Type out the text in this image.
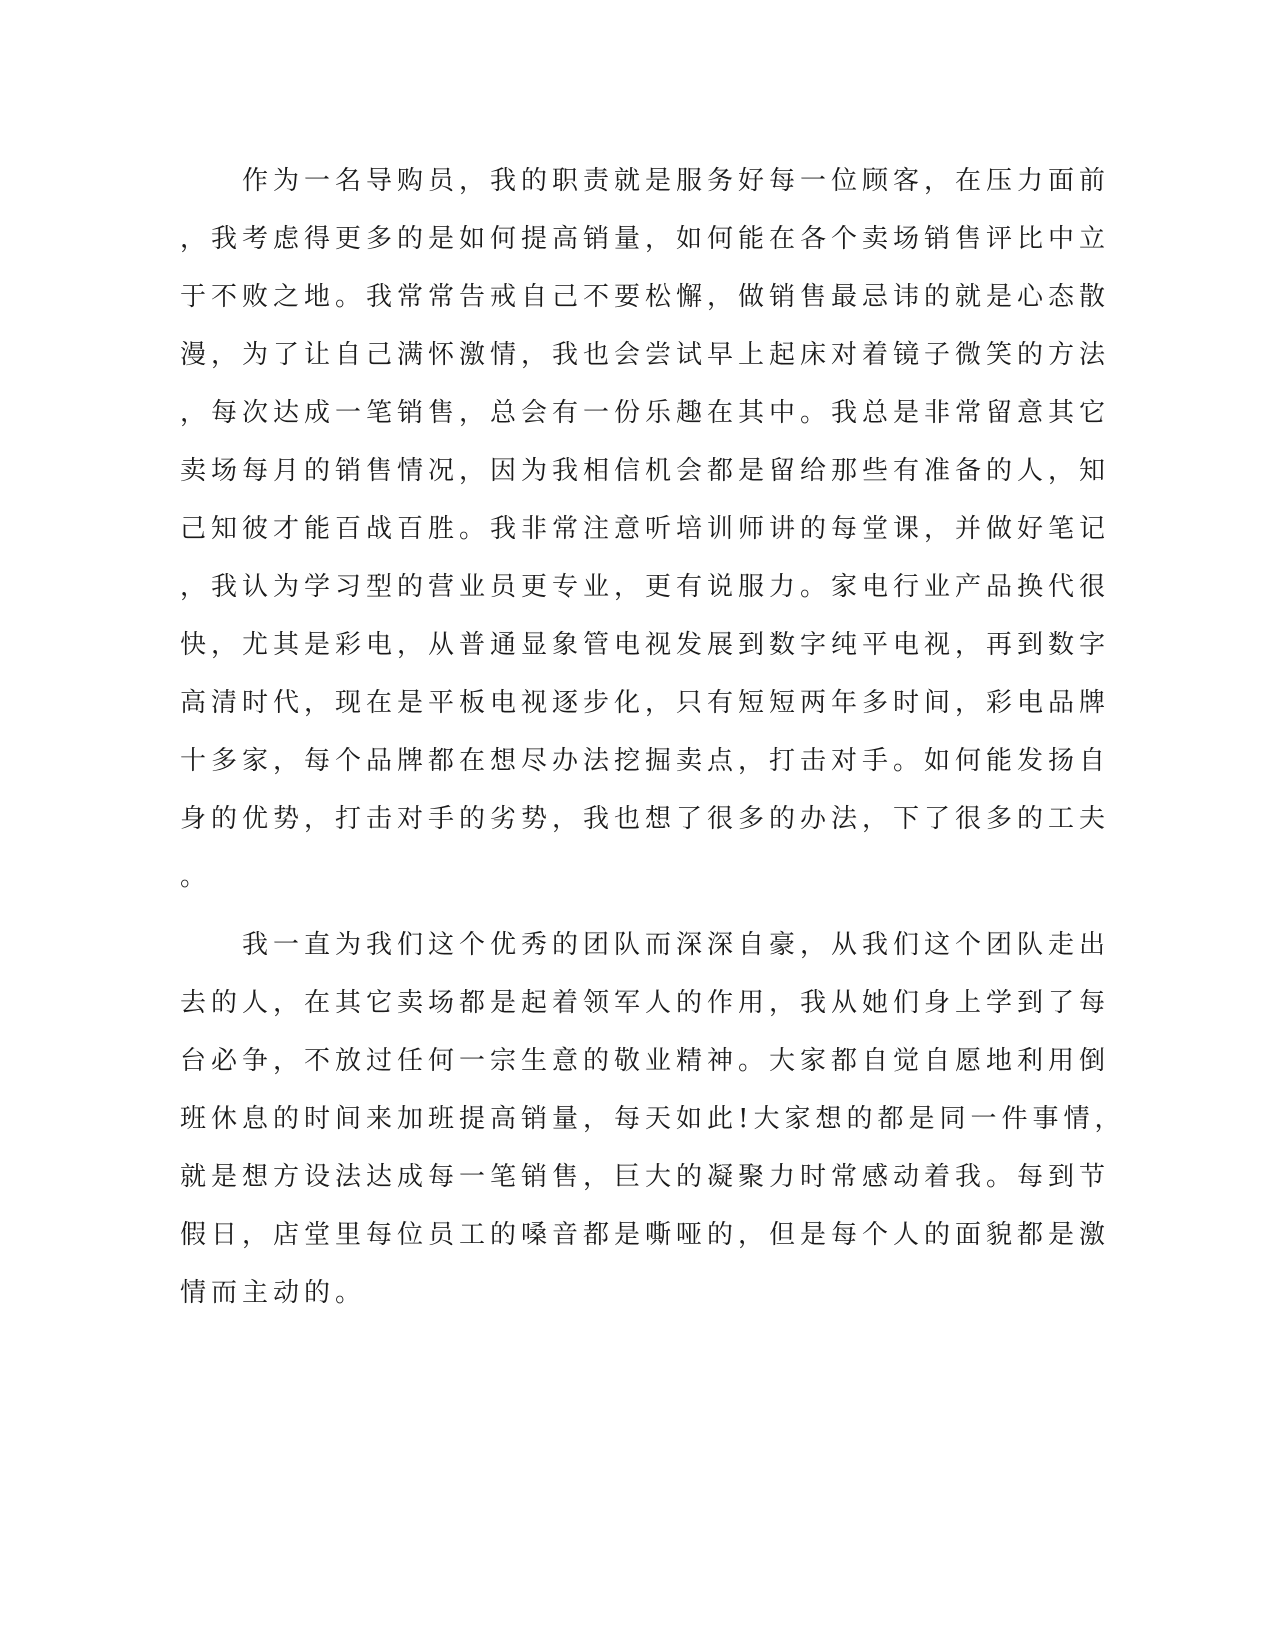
　　作为一名导购员，我的职责就是服务好每一位顾客，在压力面前
，我考虑得更多的是如何提高销量，如何能在各个卖场销售评比中立
于不败之地。我常常告戒自己不要松懈，做销售最忌讳的就是心态散
漫，为了让自己满怀激情，我也会尝试早上起床对着镜子微笑的方法
，每次达成一笔销售，总会有一份乐趣在其中。我总是非常留意其它
卖场每月的销售情况，因为我相信机会都是留给那些有准备的人，知
己知彼才能百战百胜。我非常注意听培训师讲的每堂课，并做好笔记
，我认为学习型的营业员更专业，更有说服力。家电行业产品换代很
快，尤其是彩电，从普通显象管电视发展到数字纯平电视，再到数字
高清时代，现在是平板电视逐步化，只有短短两年多时间，彩电品牌
十多家，每个品牌都在想尽办法挖掘卖点，打击对手。如何能发扬自
身的优势，打击对手的劣势，我也想了很多的办法，下了很多的工夫
。
　　我一直为我们这个优秀的团队而深深自豪，从我们这个团队走出
去的人，在其它卖场都是起着领军人的作用，我从她们身上学到了每
台必争，不放过任何一宗生意的敬业精神。大家都自觉自愿地利用倒
班休息的时间来加班提高销量，每天如此!大家想的都是同一件事情，
就是想方设法达成每一笔销售，巨大的凝聚力时常感动着我。每到节
假日，店堂里每位员工的嗓音都是嘶哑的，但是每个人的面貌都是激
情而主动的。
